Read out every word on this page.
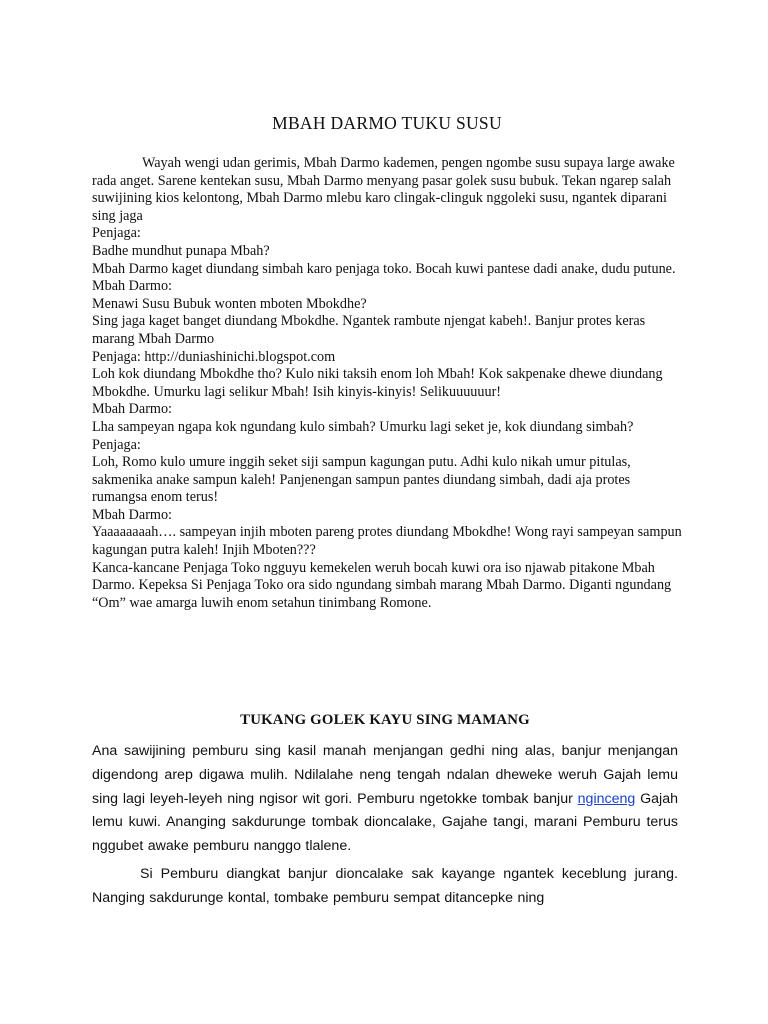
MBAH DARMO TUKU SUSU

Wayah wengi udan gerimis, Mbah Darmo kademen, pengen ngombe susu supaya large awake rada anget. Sarene kentekan susu, Mbah Darmo menyang pasar golek susu bubuk. Tekan ngarep salah suwijining kios kelontong, Mbah Darmo mlebu karo clingak-clinguk nggoleki susu, ngantek diparani sing jaga

Penjaga:

Badhe mundhut punapa Mbah?

Mbah Darmo kaget diundang simbah karo penjaga toko. Bocah kuwi pantese dadi anake, dudu putune.

Mbah Darmo:

Menawi Susu Bubuk wonten mboten Mbokdhe?

Sing jaga kaget banget diundang Mbokdhe. Ngantek rambute njengat kabeh!. Banjur protes keras marang Mbah Darmo

Penjaga: http://duniashinichi.blogspot.com

Loh kok diundang Mbokdhe tho? Kulo niki taksih enom loh Mbah! Kok sakpenake dhewe diundang Mbokdhe. Umurku lagi selikur Mbah! Isih kinyis-kinyis! Selikuuuuuur!

Mbah Darmo:

Lha sampeyan ngapa kok ngundang kulo simbah? Umurku lagi seket je, kok diundang simbah?

Penjaga:

Loh, Romo kulo umure inggih seket siji sampun kagungan putu. Adhi kulo nikah umur pitulas, sakmenika anake sampun kaleh! Panjenengan sampun pantes diundang simbah, dadi aja protes rumangsa enom terus!

Mbah Darmo:

Yaaaaaaaah…. sampeyan injih mboten pareng protes diundang Mbokdhe! Wong rayi sampeyan sampun kagungan putra kaleh! Injih Mboten???

Kanca-kancane Penjaga Toko ngguyu kemekelen weruh bocah kuwi ora iso njawab pitakone Mbah Darmo. Kepeksa Si Penjaga Toko ora sido ngundang simbah marang Mbah Darmo. Diganti ngundang “Om” wae amarga luwih enom setahun tinimbang Romone.

TUKANG GOLEK KAYU SING MAMANG

Ana sawijining pemburu sing kasil manah menjangan gedhi ning alas, banjur menjangan digendong arep digawa mulih. Ndilalahe neng tengah ndalan dheweke weruh Gajah lemu sing lagi leyeh-leyeh ning ngisor wit gori. Pemburu ngetokke tombak banjur nginceng Gajah lemu kuwi. Ananging sakdurunge tombak dioncalake, Gajahe tangi, marani Pemburu terus nggubet awake pemburu nanggo tlalene.

Si Pemburu diangkat banjur dioncalake sak kayange ngantek keceblung jurang. Nanging sakdurunge kontal, tombake pemburu sempat ditancepke ning
